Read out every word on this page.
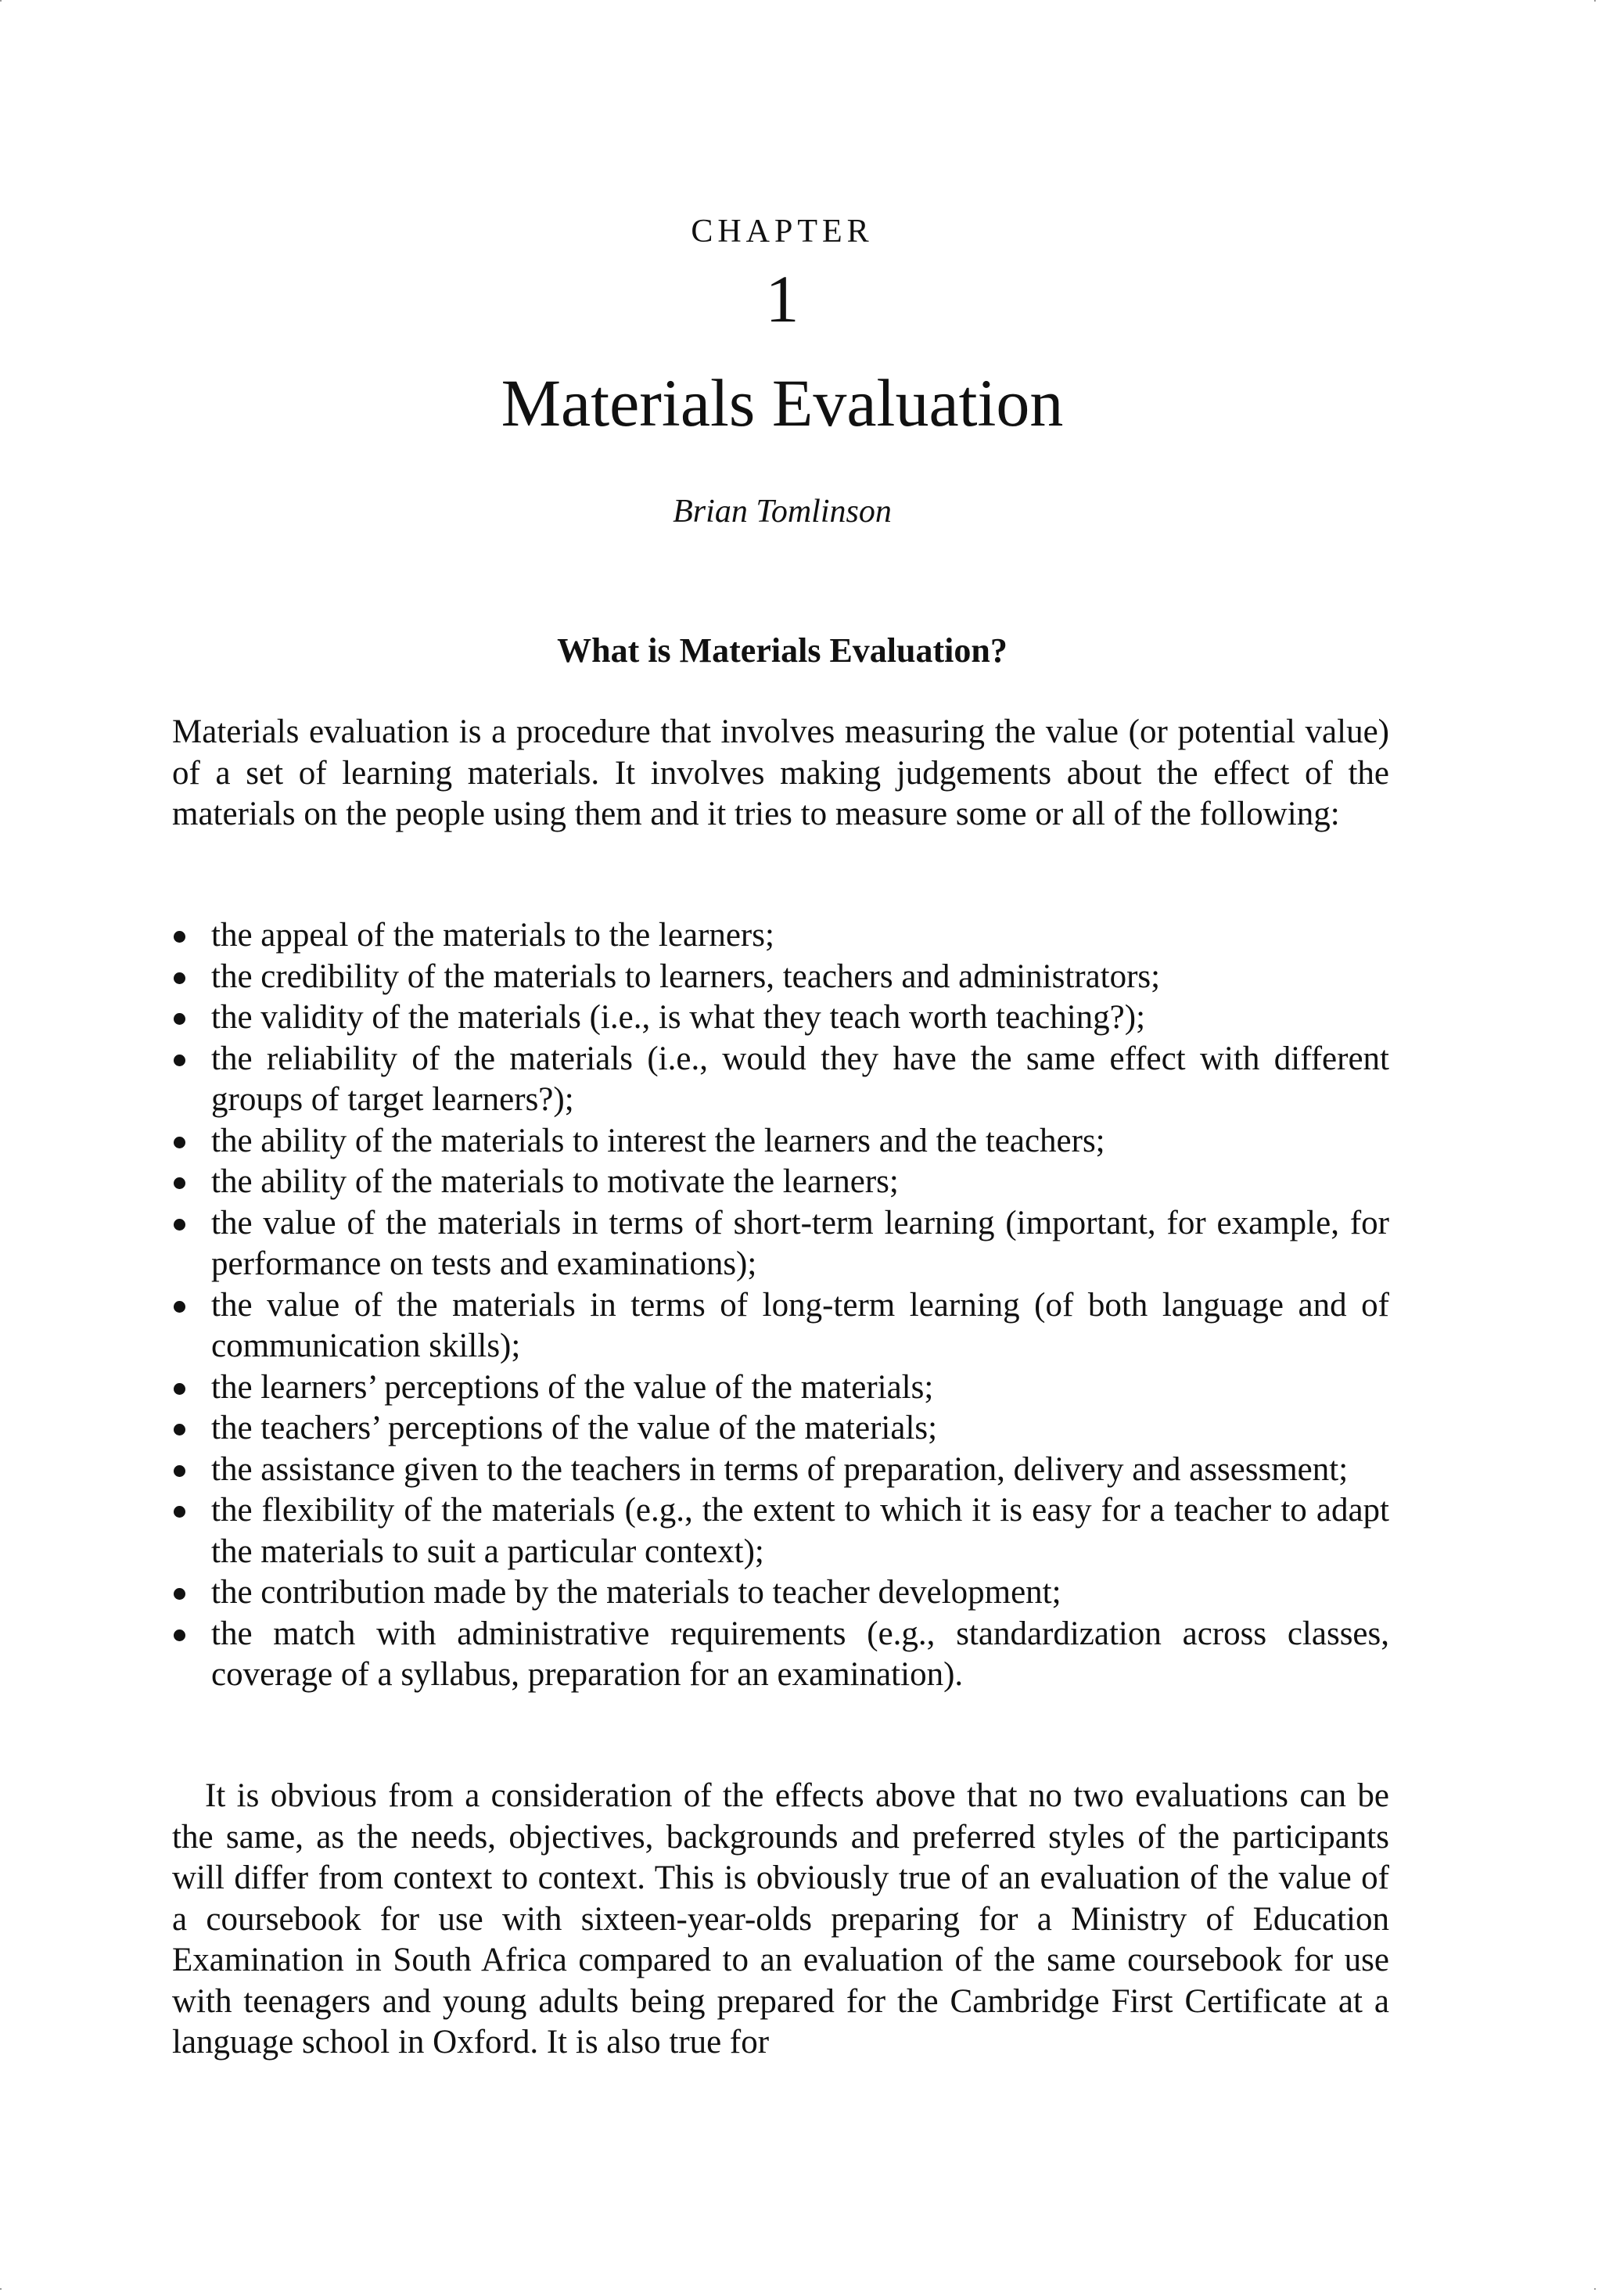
CHAPTER
1
Materials Evaluation
Brian Tomlinson
What is Materials Evaluation?

Materials evaluation is a procedure that involves measuring the value (or potential value) of a set of learning materials. It involves making judgements about the effect of the materials on the people using them and it tries to measure some or all of the following:

the appeal of the materials to the learners;
the credibility of the materials to learners, teachers and administrators;
the validity of the materials (i.e., is what they teach worth teaching?);
the reliability of the materials (i.e., would they have the same effect with different groups of target learners?);
the ability of the materials to interest the learners and the teachers;
the ability of the materials to motivate the learners;
the value of the materials in terms of short-term learning (important, for example, for performance on tests and examinations);
the value of the materials in terms of long-term learning (of both language and of communication skills);
the learners’ perceptions of the value of the materials;
the teachers’ perceptions of the value of the materials;
the assistance given to the teachers in terms of preparation, delivery and assessment;
the flexibility of the materials (e.g., the extent to which it is easy for a teacher to adapt the materials to suit a particular context);
the contribution made by the materials to teacher development;
the match with administrative requirements (e.g., standardization across classes, coverage of a syllabus, preparation for an examination).

It is obvious from a consideration of the effects above that no two evaluations can be the same, as the needs, objectives, backgrounds and preferred styles of the participants will differ from context to context. This is obviously true of an evaluation of the value of a coursebook for use with sixteen-year-olds preparing for a Ministry of Education Examination in South Africa compared to an evaluation of the same coursebook for use with teenagers and young adults being prepared for the Cambridge First Certificate at a language school in Oxford. It is also true for
